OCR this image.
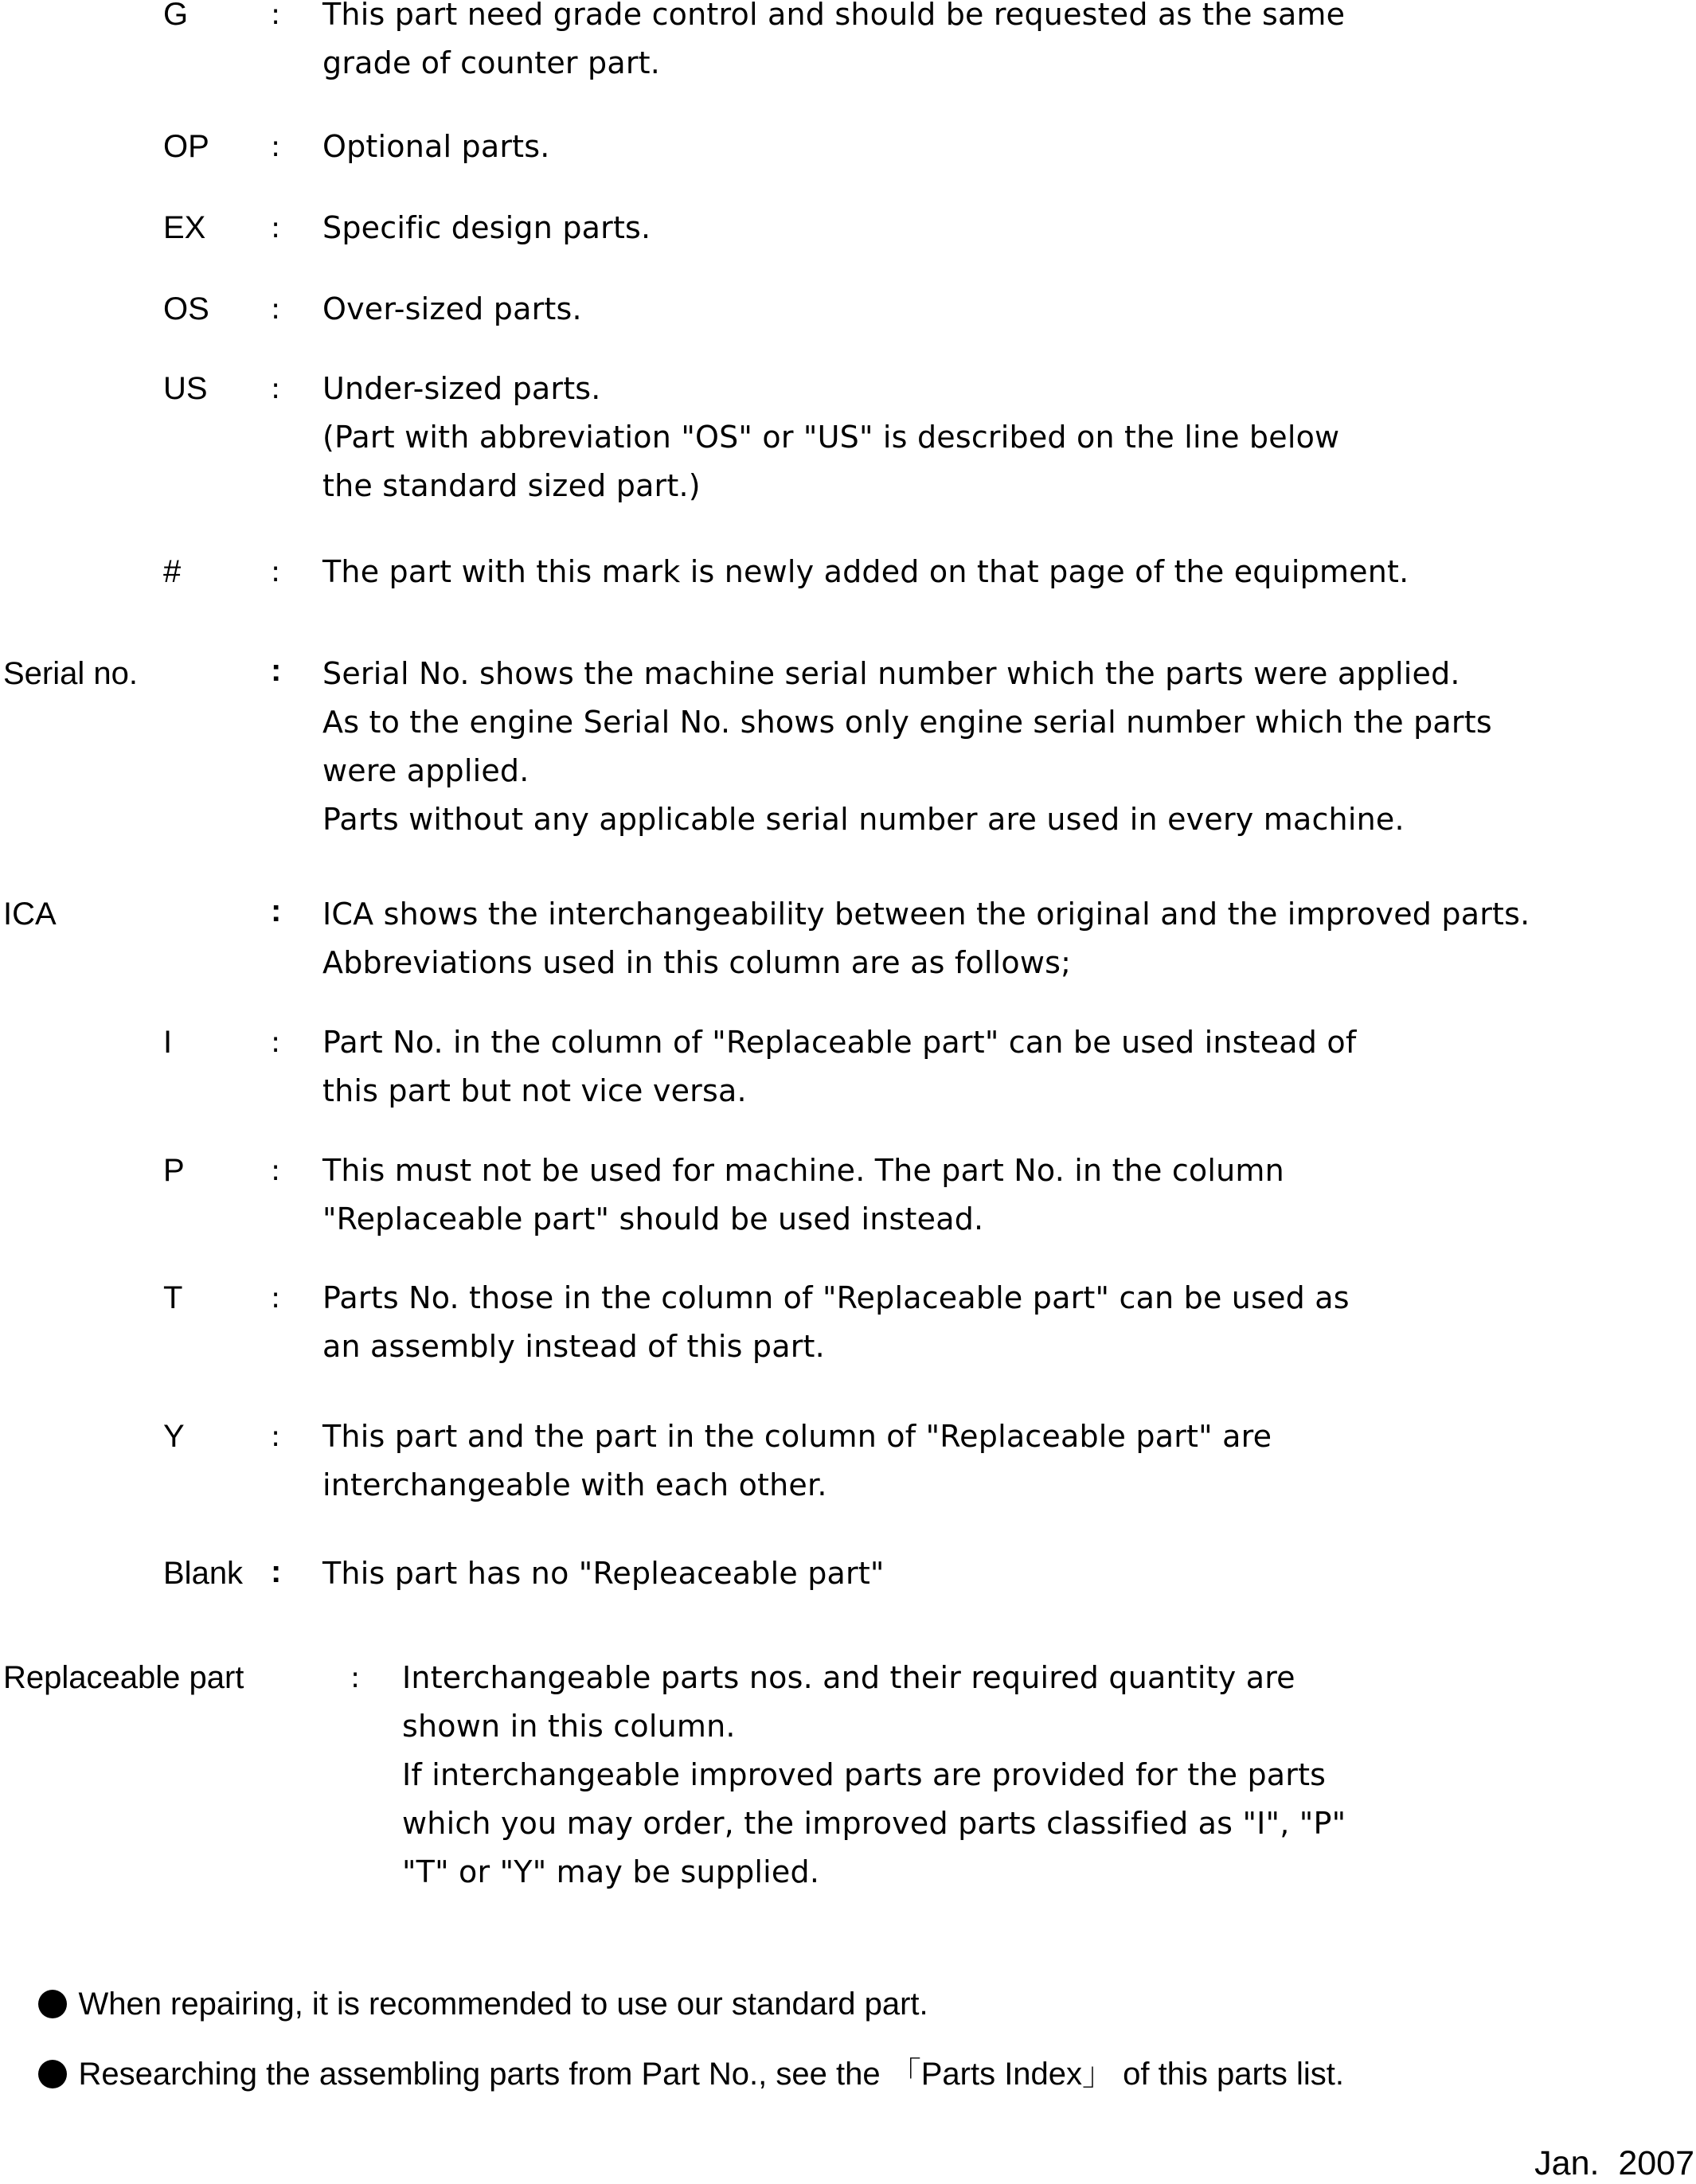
G	: This part need grade control and should be requested as the same
grade of counter part.
OP : Optional parts.
EX : Specific design parts.
OS : Over-sized parts.
US : Under-sized parts.
(Part with abbreviation "OS" or "US" is described on the line below
the standard sized part.)
#	: The part with this mark is newly added on that page of the equipment.
Serial no.	: Serial No. shows the machine serial number which the parts were applied.
As to the engine Serial No. shows only engine serial number which the parts
were applied.
Parts without any applicable serial number are used in every machine.
ICA	: ICA shows the interchangeability between the original and the improved parts.
Abbreviations used in this column are as follows;
I	: Part No. in the column of "Replaceable part" can be used instead of
this part but not vice versa.
P	: This must not be used for machine. The part No. in the column
"Replaceable part" should be used instead.
T	: Parts No. those in the column of "Replaceable part" can be used as
an assembly instead of this part.
Y	: This part and the part in the column of "Replaceable part" are
interchangeable with each other.
Blank : This part has no "Repleaceable part"
Replaceable part	: Interchangeable parts nos. and their required quantity are
shown in this column.
If interchangeable improved parts are provided for the parts
which you may order, the improved parts classified as "I", "P"
"T" or "Y" may be supplied.

When repairing, it is recommended to use our standard part.

Researching the assembling parts from Part No., see the 「Parts Index」 of this parts list.

Jan.  2007
